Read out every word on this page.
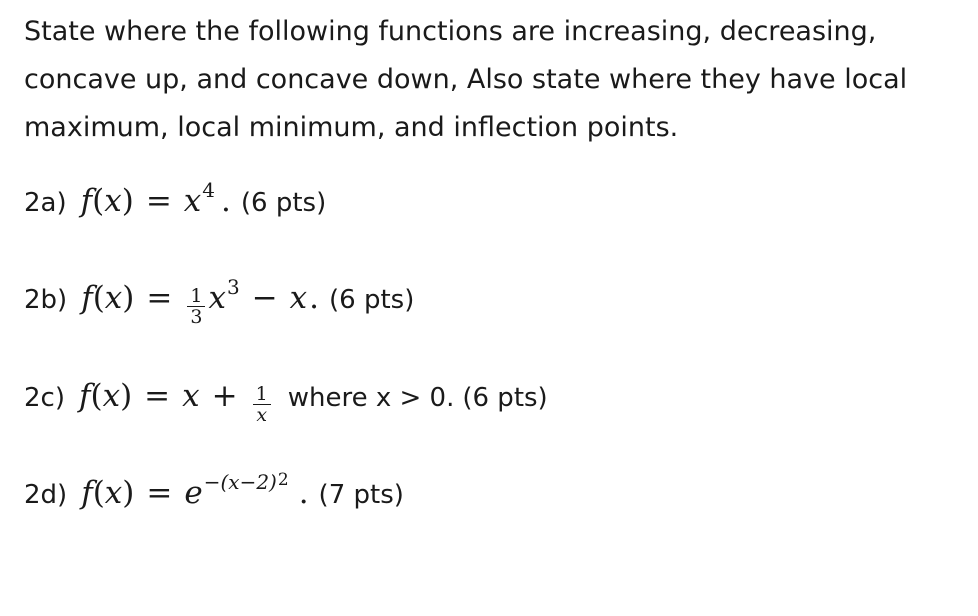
State where the following functions are increasing, decreasing,
concave up, and concave down, Also state where they have local
maximum, local minimum, and inflection points.

2a) f ( x ) = x 4 . (6 pts)
2b) f ( x ) = $\frac{1}{3}$ x 3 − x . (6 pts)
2c) f ( x ) = $x + \frac{1}{x}$ where x > 0. (6 pts)
2d) f ( x ) = e −(x−2) 2 . (7 pts)
